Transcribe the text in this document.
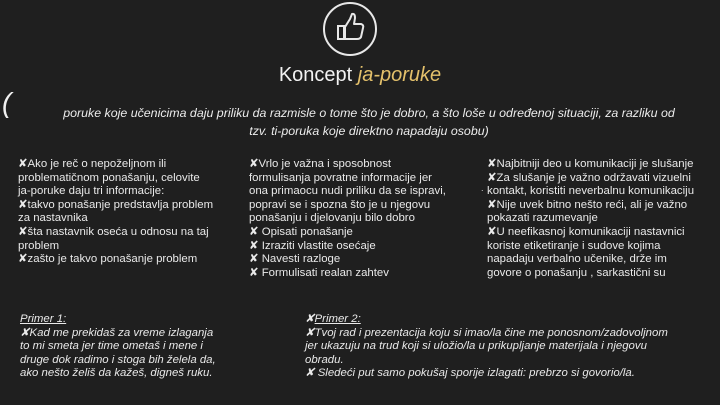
Koncept ja-poruke
(	poruke koje učenicima daju priliku da razmisle o tome što je dobro, a što loše u određenoj situaciji, za razliku od
tzv. ti-poruka koje direktno napadaju osobu)
✘Ako je reč o nepoželjnom ili
problematičnom ponašanju, celovite
ja-poruke daju tri informacije:
✘takvo ponašanje predstavlja problem
za nastavnika
✘šta nastavnik oseća u odnosu na taj
problem
✘zašto je takvo ponašanje problem
✘Vrlo je važna i sposobnost
formulisanja povratne informacije jer
ona primaocu nudi priliku da se ispravi,
popravi se i spozna što je u njegovu
ponašanju i djelovanju bilo dobro
✘ Opisati ponašanje
✘ Izraziti vlastite osećaje
✘ Navesti razloge
✘ Formulisati realan zahtev
.
✘Najbitniji deo u komunikaciji je slušanje
✘Za slušanje je važno održavati vizuelni
kontakt, koristiti neverbalnu komunikaciju
✘Nije uvek bitno nešto reći, ali je važno
pokazati razumevanje
✘U neefikasnoj komunikaciji nastavnici
koriste etiketiranje i sudove kojima
napadaju verbalno učenike, drže im
govore o ponašanju , sarkastični su
Primer 1:
✘Kad me prekidaš za vreme izlaganja
to mi smeta jer time ometaš i mene i
druge dok radimo i stoga bih želela da,
ako nešto želiš da kažeš, digneš ruku.
✘Primer 2:
✘Tvoj rad i prezentacija koju si imao/la čine me ponosnom/zadovoljnom
jer ukazuju na trud koji si uložio/la u prikupljanje materijala i njegovu
obradu.
✘ Sledeći put samo pokušaj sporije izlagati: prebrzo si govorio/la.
